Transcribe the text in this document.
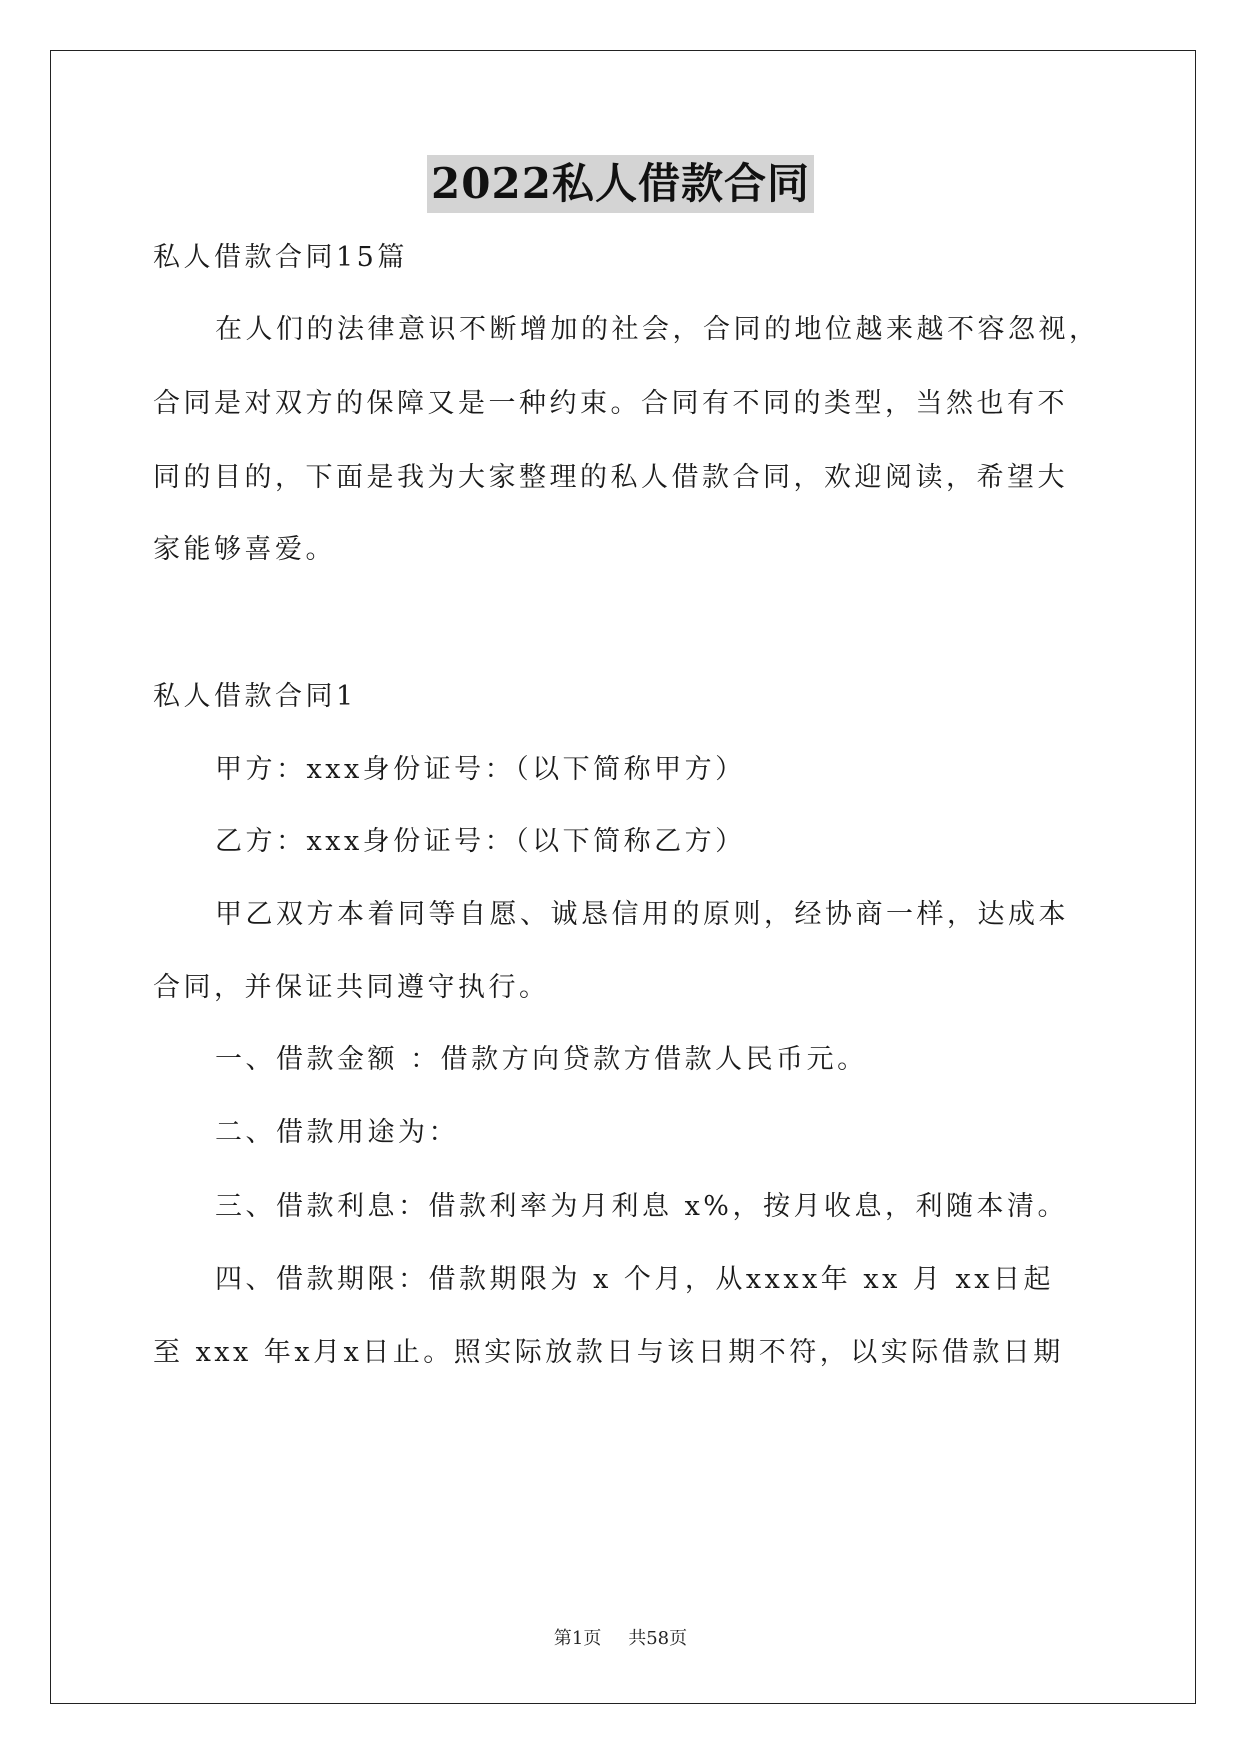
2022私人借款合同
私人借款合同15篇
在人们的法律意识不断增加的社会，合同的地位越来越不容忽视，
合同是对双方的保障又是一种约束。合同有不同的类型，当然也有不
同的目的，下面是我为大家整理的私人借款合同，欢迎阅读，希望大
家能够喜爱。
私人借款合同1
甲方：xxx身份证号：（以下简称甲方）
乙方：xxx身份证号：（以下简称乙方）
甲乙双方本着同等自愿、诚恳信用的原则，经协商一样，达成本
合同，并保证共同遵守执行。
一、借款金额 ：借款方向贷款方借款人民币元。
二、借款用途为：
三、借款利息：借款利率为月利息 x%，按月收息，利随本清。
四、借款期限：借款期限为 x 个月，从xxxx年 xx 月 xx日起
至 xxx 年x月x日止。照实际放款日与该日期不符，以实际借款日期
第1页 共58页
